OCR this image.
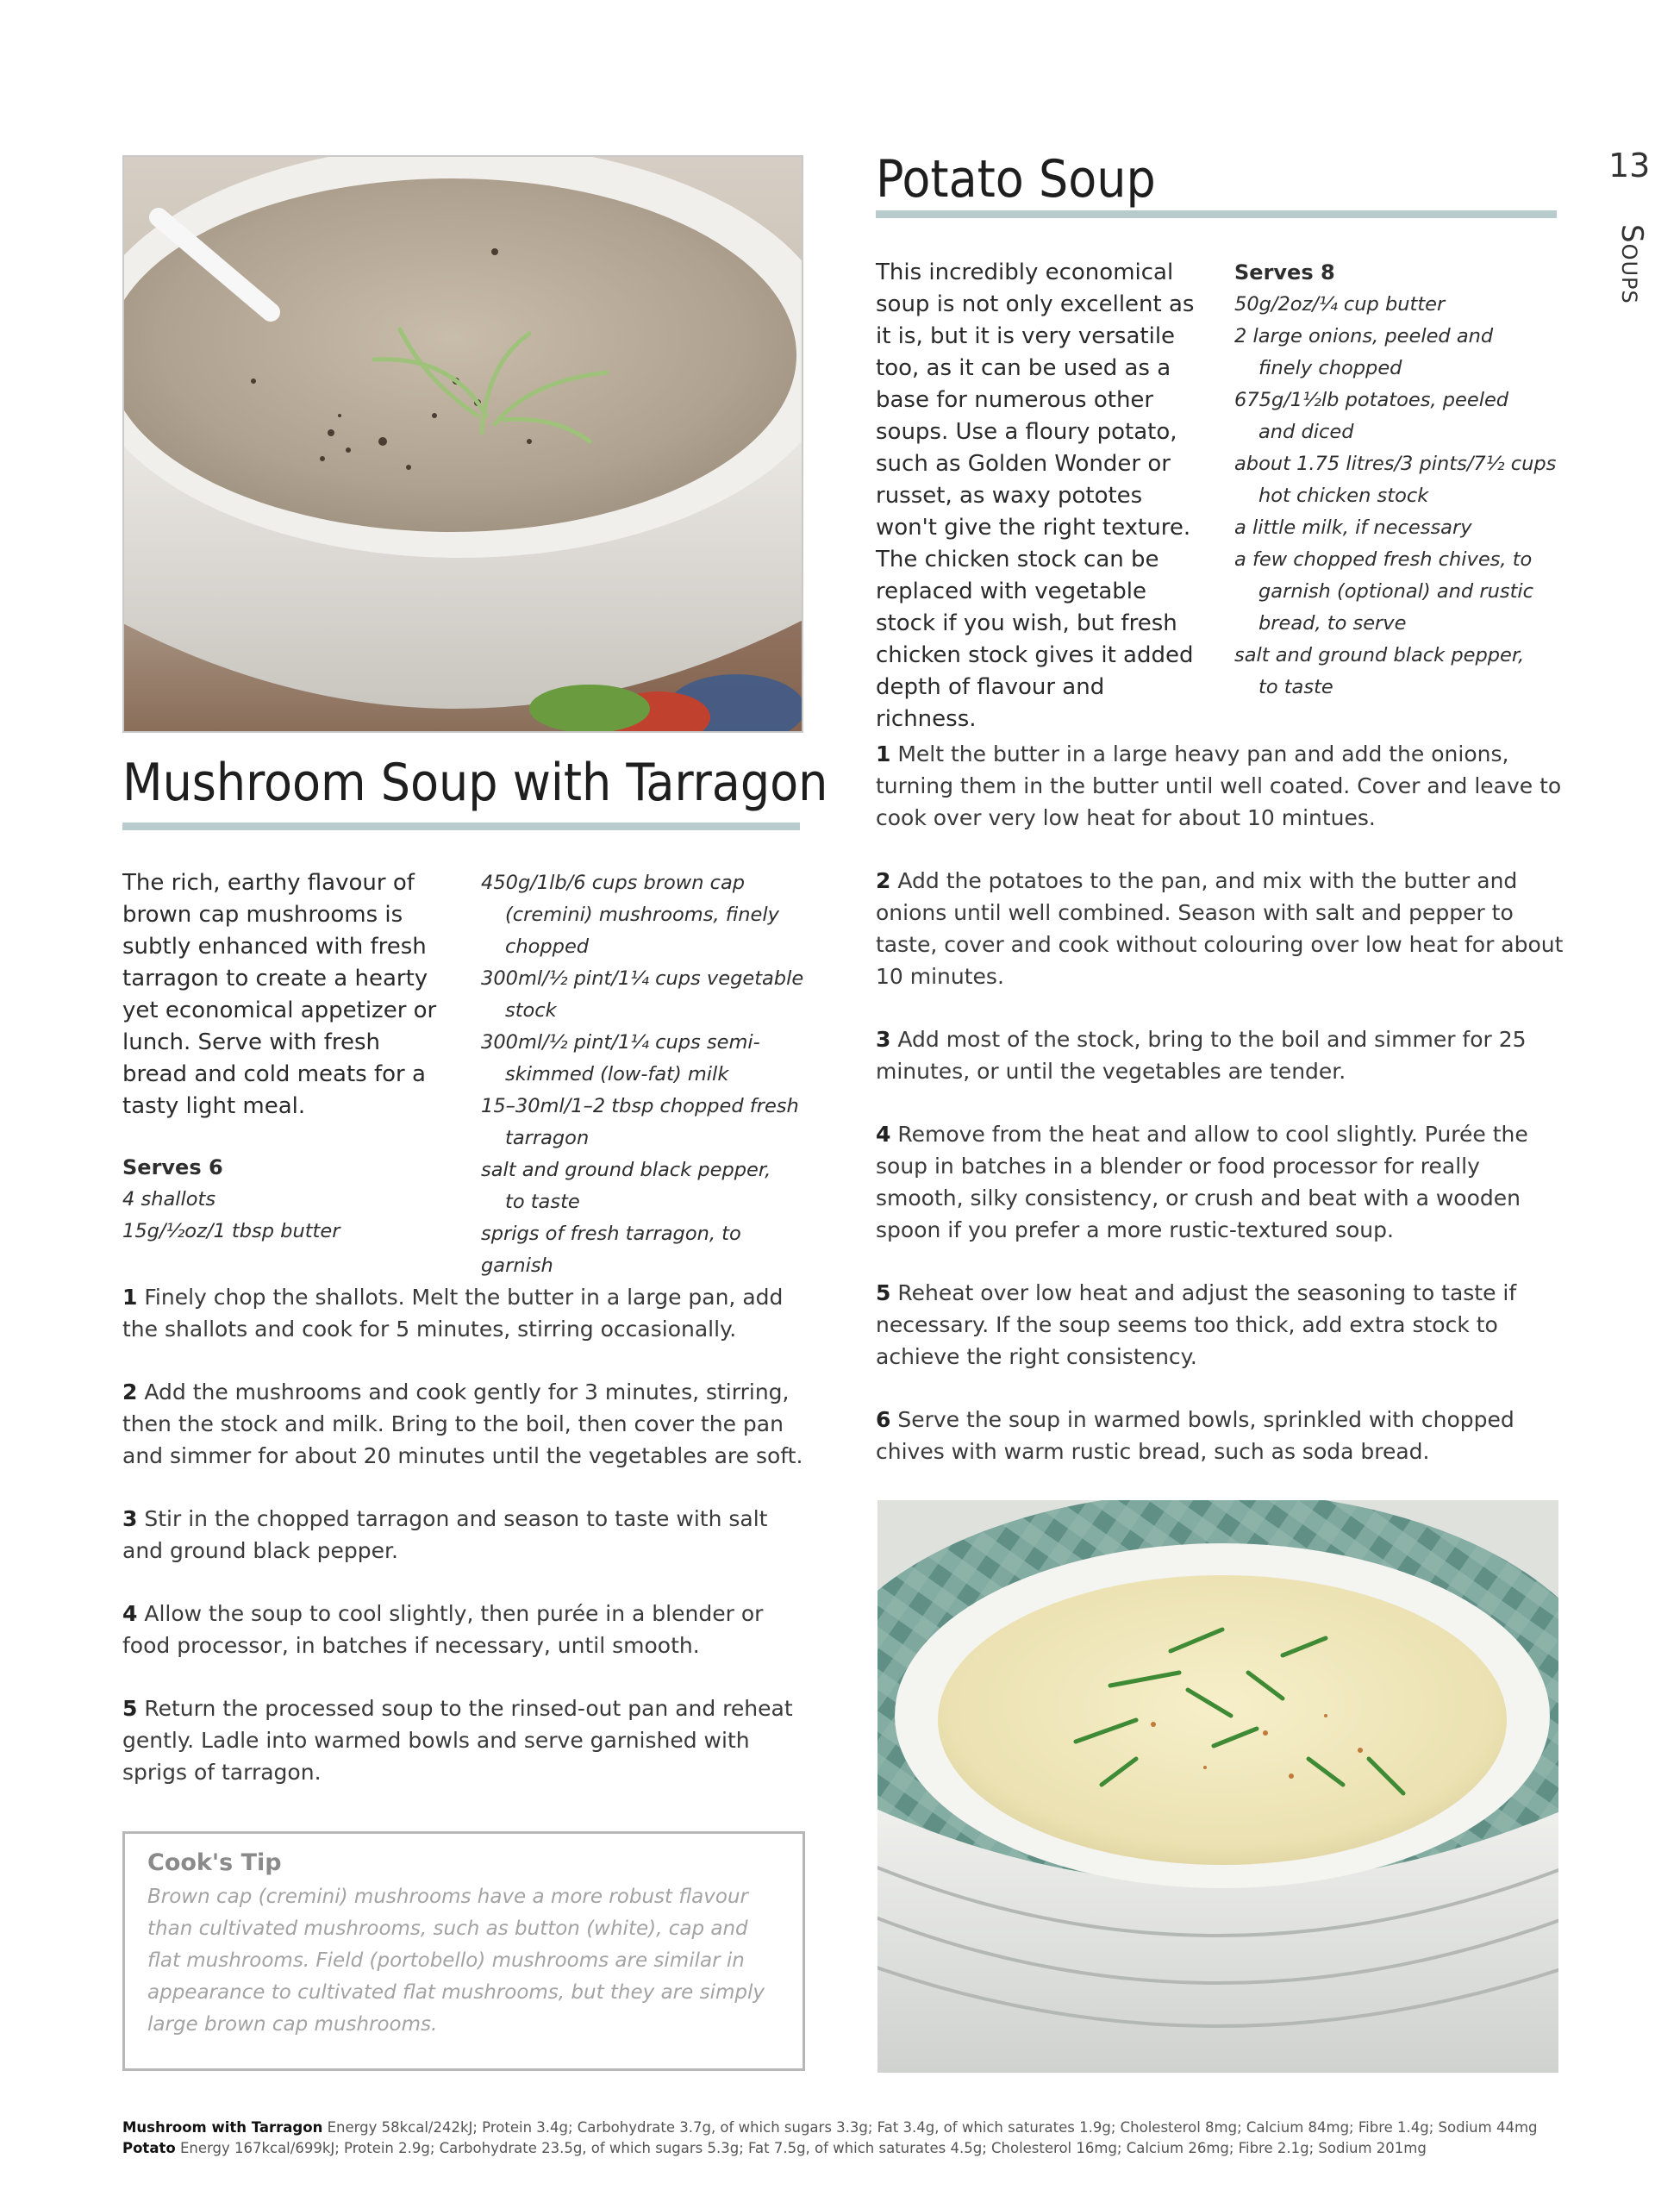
13
Soups
Mushroom Soup with Tarragon
The rich, earthy flavour of brown cap mushrooms is subtly enhanced with fresh tarragon to create a hearty yet economical appetizer or lunch. Serve with fresh bread and cold meats for a tasty light meal.
Serves 6
4 shallots
15g/½oz/1 tbsp butter
450g/1lb/6 cups brown cap
(cremini) mushrooms, finely
chopped
300ml/½ pint/1¼ cups vegetable
stock
300ml/½ pint/1¼ cups semi-
skimmed (low-fat) milk
15–30ml/1–2 tbsp chopped fresh
tarragon
salt and ground black pepper,
to taste
sprigs of fresh tarragon, to garnish

1 Finely chop the shallots. Melt the butter in a large pan, add the shallots and cook for 5 minutes, stirring occasionally.

2 Add the mushrooms and cook gently for 3 minutes, stirring, then the stock and milk. Bring to the boil, then cover the pan and simmer for about 20 minutes until the vegetables are soft.

3 Stir in the chopped tarragon and season to taste with salt and ground black pepper.

4 Allow the soup to cool slightly, then purée in a blender or food processor, in batches if necessary, until smooth.

5 Return the processed soup to the rinsed-out pan and reheat gently. Ladle into warmed bowls and serve garnished with sprigs of tarragon.

Cook's Tip
Brown cap (cremini) mushrooms have a more robust flavour than cultivated mushrooms, such as button (white), cap and flat mushrooms. Field (portobello) mushrooms are similar in appearance to cultivated flat mushrooms, but they are simply large brown cap mushrooms.
Potato Soup
This incredibly economical soup is not only excellent as it is, but it is very versatile too, as it can be used as a base for numerous other soups. Use a floury potato, such as Golden Wonder or russet, as waxy pototes won't give the right texture. The chicken stock can be replaced with vegetable stock if you wish, but fresh chicken stock gives it added depth of flavour and richness.
Serves 8
50g/2oz/¼ cup butter
2 large onions, peeled and
finely chopped
675g/1½lb potatoes, peeled
and diced
about 1.75 litres/3 pints/7½ cups
hot chicken stock
a little milk, if necessary
a few chopped fresh chives, to
garnish (optional) and rustic
bread, to serve
salt and ground black pepper,
to taste

1 Melt the butter in a large heavy pan and add the onions, turning them in the butter until well coated. Cover and leave to cook over very low heat for about 10 mintues.

2 Add the potatoes to the pan, and mix with the butter and onions until well combined. Season with salt and pepper to taste, cover and cook without colouring over low heat for about 10 minutes.

3 Add most of the stock, bring to the boil and simmer for 25 minutes, or until the vegetables are tender.

4 Remove from the heat and allow to cool slightly. Purée the soup in batches in a blender or food processor for really smooth, silky consistency, or crush and beat with a wooden spoon if you prefer a more rustic-textured soup.

5 Reheat over low heat and adjust the seasoning to taste if necessary. If the soup seems too thick, add extra stock to achieve the right consistency.

6 Serve the soup in warmed bowls, sprinkled with chopped chives with warm rustic bread, such as soda bread.

Mushroom with Tarragon Energy 58kcal/242kJ; Protein 3.4g; Carbohydrate 3.7g, of which sugars 3.3g; Fat 3.4g, of which saturates 1.9g; Cholesterol 8mg; Calcium 84mg; Fibre 1.4g; Sodium 44mg
Potato Energy 167kcal/699kJ; Protein 2.9g; Carbohydrate 23.5g, of which sugars 5.3g; Fat 7.5g, of which saturates 4.5g; Cholesterol 16mg; Calcium 26mg; Fibre 2.1g; Sodium 201mg
